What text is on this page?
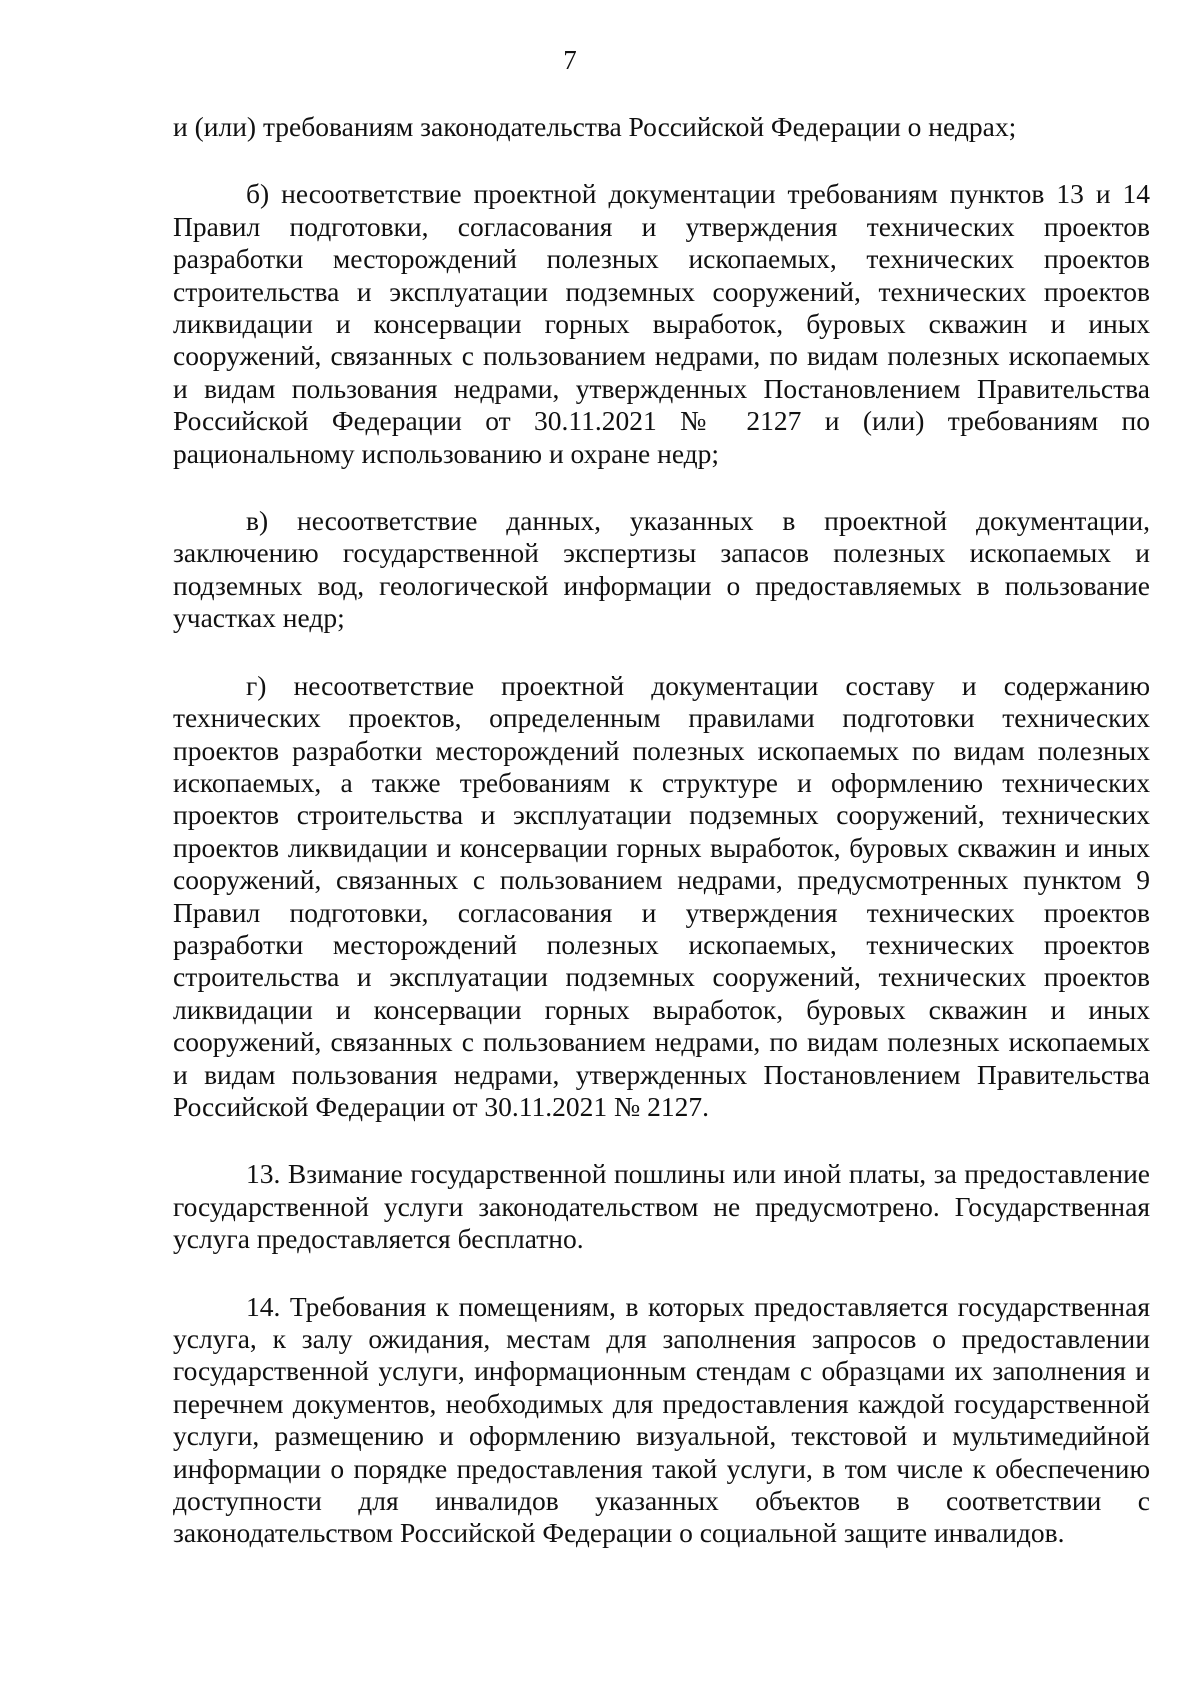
7

и (или) требованиям законодательства Российской Федерации о недрах;

б) несоответствие проектной документации требованиям пунктов 13 и 14 Правил подготовки, согласования и утверждения технических проектов разработки месторождений полезных ископаемых, технических проектов строительства и эксплуатации подземных сооружений, технических проектов ликвидации и консервации горных выработок, буровых скважин и иных сооружений, связанных с пользованием недрами, по видам полезных ископаемых и видам пользования недрами, утвержденных Постановлением Правительства Российской Федерации от 30.11.2021 № 2127 и (или) требованиям по рациональному использованию и охране недр;

в) несоответствие данных, указанных в проектной документации, заключению государственной экспертизы запасов полезных ископаемых и подземных вод, геологической информации о предоставляемых в пользование участках недр;

г) несоответствие проектной документации составу и содержанию технических проектов, определенным правилами подготовки технических проектов разработки месторождений полезных ископаемых по видам полезных ископаемых, а также требованиям к структуре и оформлению технических проектов строительства и эксплуатации подземных сооружений, технических проектов ликвидации и консервации горных выработок, буровых скважин и иных сооружений, связанных с пользованием недрами, предусмотренных пунктом 9 Правил подготовки, согласования и утверждения технических проектов разработки месторождений полезных ископаемых, технических проектов строительства и эксплуатации подземных сооружений, технических проектов ликвидации и консервации горных выработок, буровых скважин и иных сооружений, связанных с пользованием недрами, по видам полезных ископаемых и видам пользования недрами, утвержденных Постановлением Правительства Российской Федерации от 30.11.2021 № 2127.

13. Взимание государственной пошлины или иной платы, за предоставление государственной услуги законодательством не предусмотрено. Государственная услуга предоставляется бесплатно.

14. Требования к помещениям, в которых предоставляется государственная услуга, к залу ожидания, местам для заполнения запросов о предоставлении государственной услуги, информационным стендам с образцами их заполнения и перечнем документов, необходимых для предоставления каждой государственной услуги, размещению и оформлению визуальной, текстовой и мультимедийной информации о порядке предоставления такой услуги, в том числе к обеспечению доступности для инвалидов указанных объектов в соответствии с законодательством Российской Федерации о социальной защите инвалидов.
